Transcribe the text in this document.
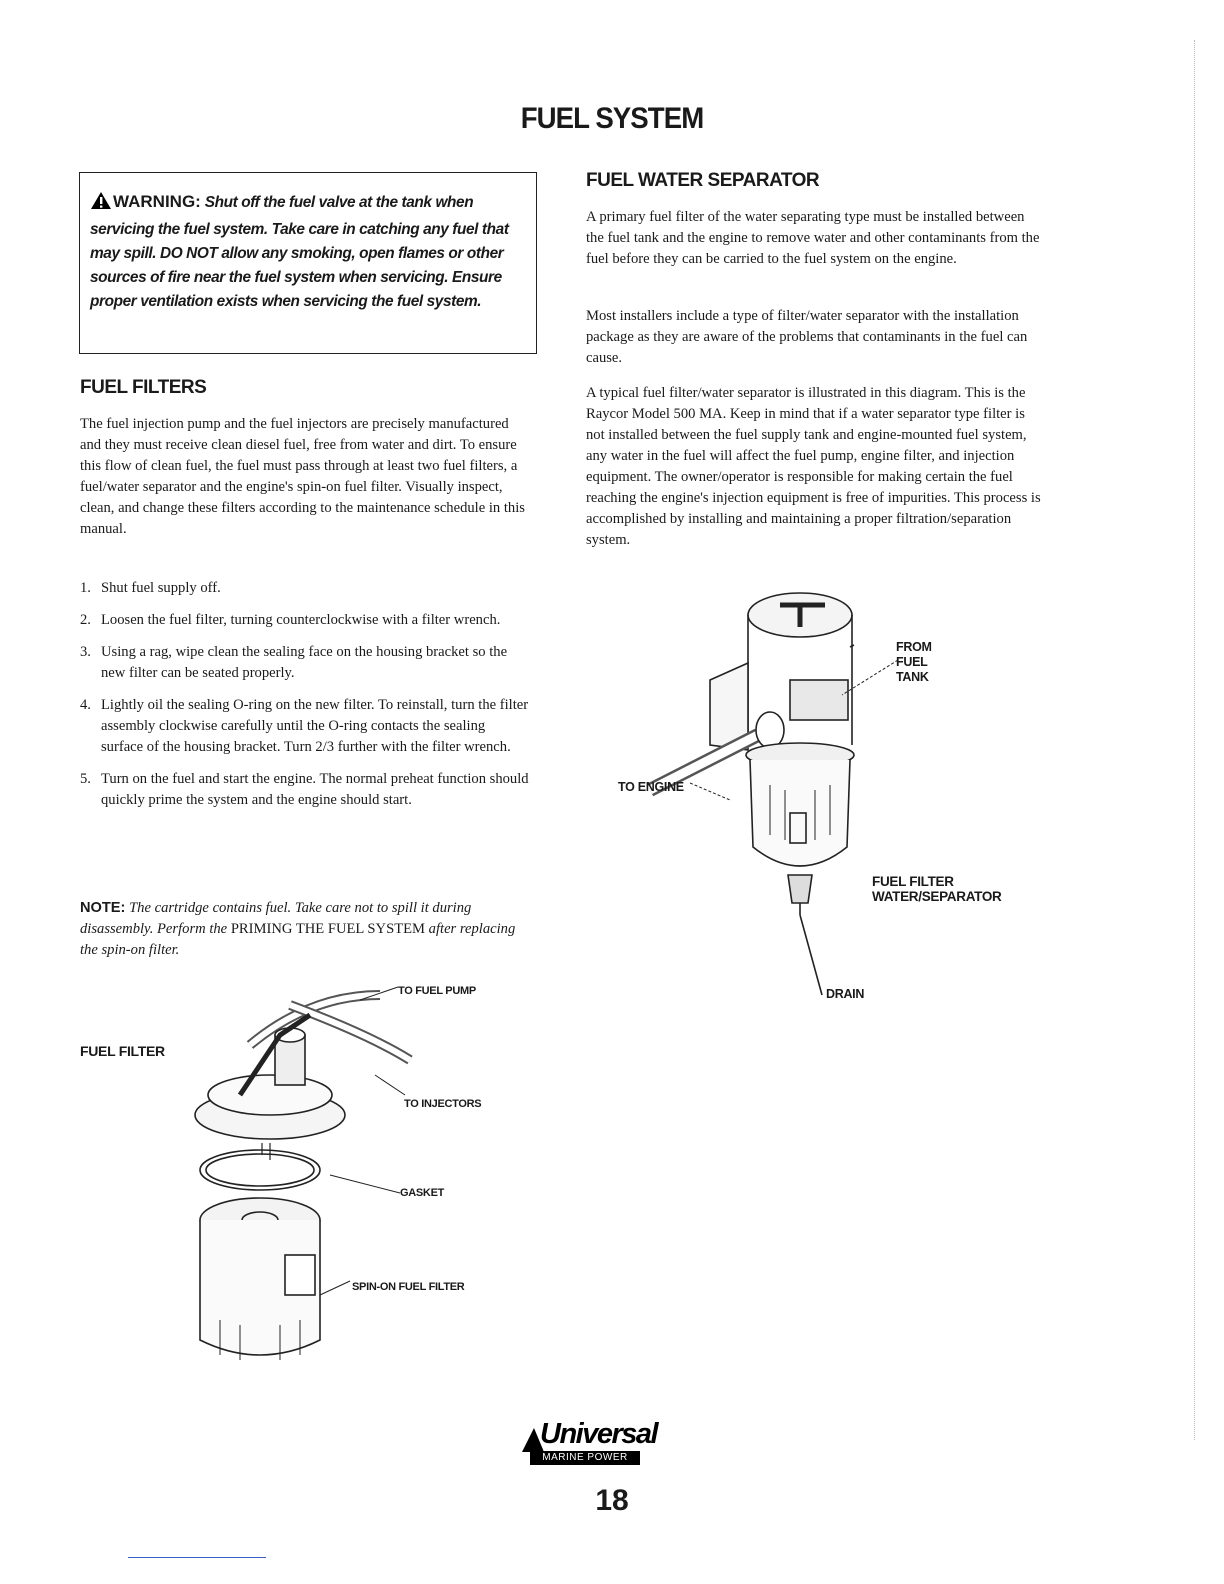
FUEL SYSTEM
WARNING: Shut off the fuel valve at the tank when servicing the fuel system. Take care in catching any fuel that may spill. DO NOT allow any smoking, open flames or other sources of fire near the fuel system when servicing. Ensure proper ventilation exists when servicing the fuel system.
FUEL FILTERS

The fuel injection pump and the fuel injectors are precisely manufactured and they must receive clean diesel fuel, free from water and dirt. To ensure this flow of clean fuel, the fuel must pass through at least two fuel filters, a fuel/water separator and the engine's spin-on fuel filter. Visually inspect, clean, and change these filters according to the maintenance schedule in this manual.

1. Shut fuel supply off.
2. Loosen the fuel filter, turning counterclockwise with a filter wrench.
3. Using a rag, wipe clean the sealing face on the housing bracket so the new filter can be seated properly.
4. Lightly oil the sealing O-ring on the new filter. To reinstall, turn the filter assembly clockwise carefully until the O-ring contacts the sealing surface of the housing bracket. Turn 2/3 further with the filter wrench.
5. Turn on the fuel and start the engine. The normal preheat function should quickly prime the system and the engine should start.

NOTE: The cartridge contains fuel. Take care not to spill it during disassembly. Perform the PRIMING THE FUEL SYSTEM after replacing the spin-on filter.

FUEL WATER SEPARATOR

A primary fuel filter of the water separating type must be installed between the fuel tank and the engine to remove water and other contaminants from the fuel before they can be carried to the fuel system on the engine.

Most installers include a type of filter/water separator with the installation package as they are aware of the problems that contaminants in the fuel can cause.

A typical fuel filter/water separator is illustrated in this diagram. This is the Raycor Model 500 MA. Keep in mind that if a water separator type filter is not installed between the fuel supply tank and engine-mounted fuel system, any water in the fuel will affect the fuel pump, engine filter, and injection equipment. The owner/operator is responsible for making certain the fuel reaching the engine's injection equipment is free of impurities. This process is accomplished by installing and maintaining a proper filtration/separation system.

FROM
FUEL
TANK
TO ENGINE
FUEL FILTER
WATER/SEPARATOR
DRAIN
FUEL FILTER
TO FUEL PUMP
TO INJECTORS
GASKET
SPIN-ON FUEL FILTER
Universal
MARINE POWER
18
